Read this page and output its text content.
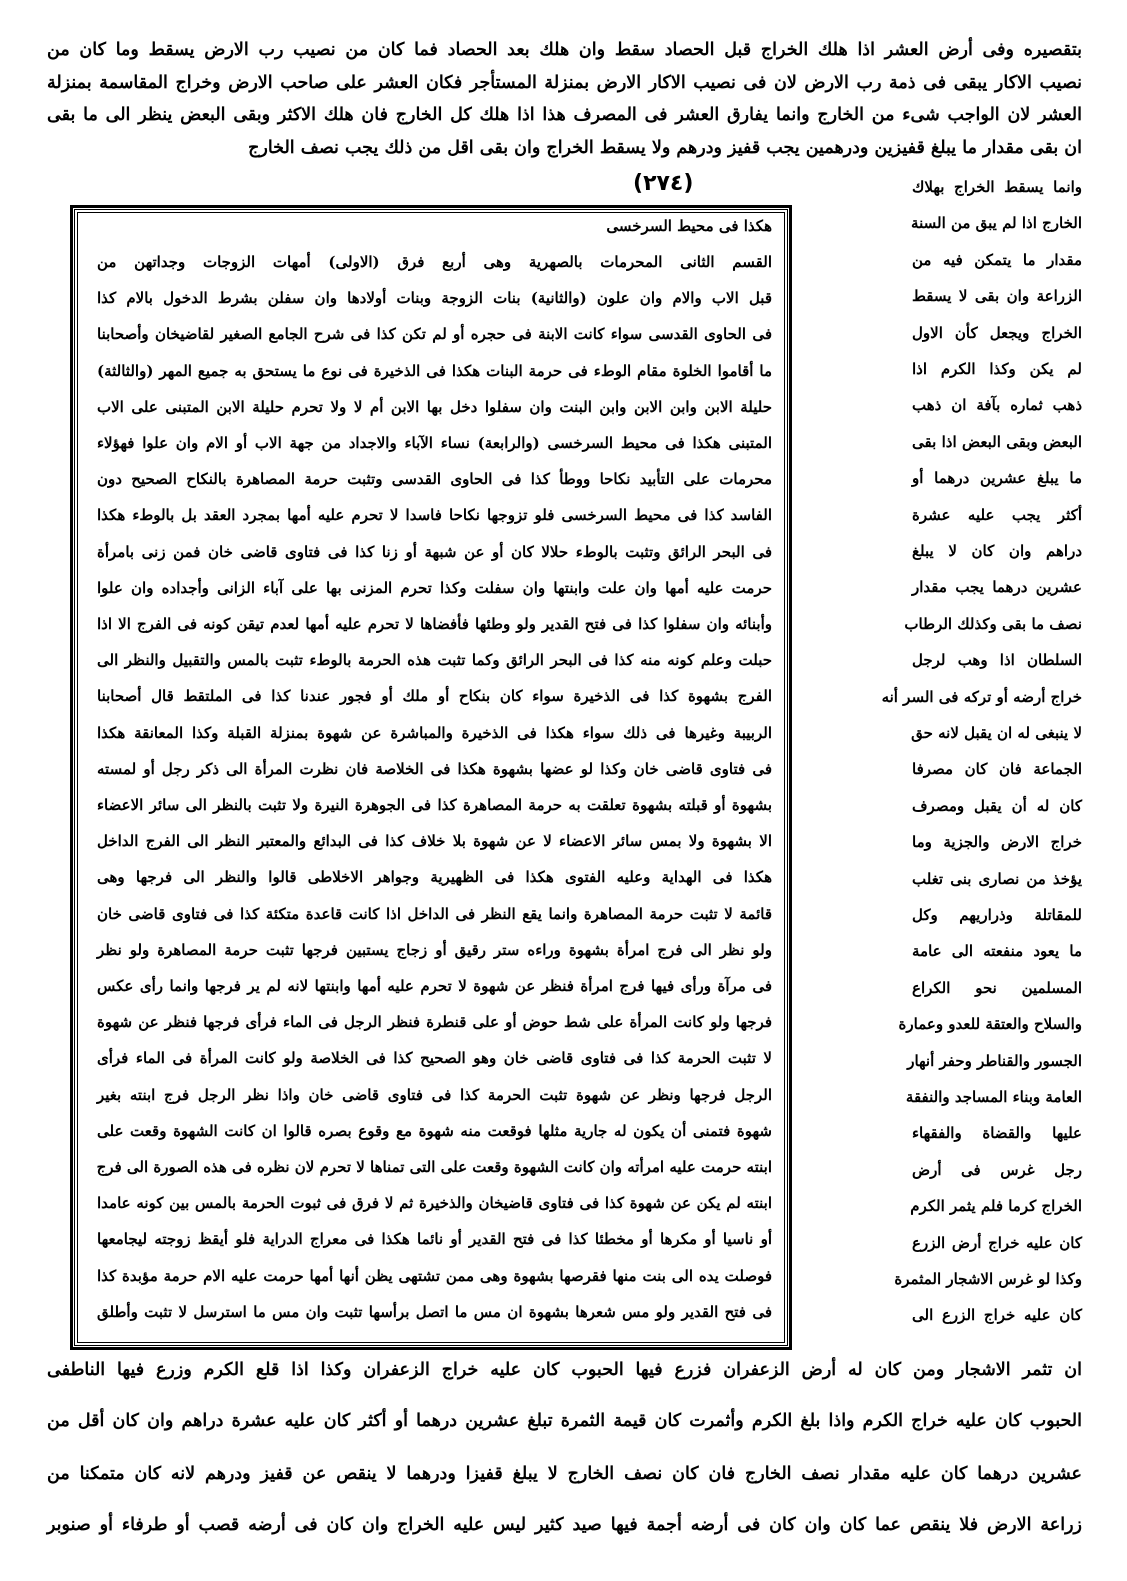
بتقصيره وفى أرض العشر اذا هلك الخراج قبل الحصاد سقط وان هلك بعد الحصاد فما كان من نصيب رب الارض يسقط وما كان من
نصيب الاكار يبقى فى ذمة رب الارض لان فى نصيب الاكار الارض بمنزلة المستأجر فكان العشر على صاحب الارض وخراج المقاسمة بمنزلة
العشر لان الواجب شىء من الخارج وانما يفارق العشر فى المصرف هذا اذا هلك كل الخارج فان هلك الاكثر وبقى البعض ينظر الى ما بقى
ان بقى مقدار ما يبلغ قفيزين ودرهمين يجب قفيز ودرهم ولا يسقط الخراج وان بقى اقل من ذلك يجب نصف الخارج
(٢٧٤)	وانما يسقط الخراج بهلاك
الخارج اذا لم يبق من السنة
مقدار ما يتمكن فيه من
الزراعة وان بقى لا يسقط
الخراج ويجعل كأن الاول
لم يكن وكذا الكرم اذا
ذهب ثماره بآفة ان ذهب
البعض وبقى البعض اذا بقى
ما يبلغ عشرين درهما أو
أكثر يجب عليه عشرة
دراهم وان كان لا يبلغ
عشرين درهما يجب مقدار
نصف ما بقى وكذلك الرطاب
السلطان اذا وهب لرجل
خراج أرضه أو تركه فى السر أنه
لا ينبغى له ان يقبل لانه حق
الجماعة فان كان مصرفا
كان له أن يقبل ومصرف
خراج الارض والجزية وما
يؤخذ من نصارى بنى تغلب
للمقاتلة وذراريهم وكل
ما يعود منفعته الى عامة
المسلمين نحو الكراع
والسلاح والعتقة للعدو وعمارة
الجسور والقناطر وحفر أنهار
العامة وبناء المساجد والنفقة
عليها والقضاة والفقهاء
رجل غرس فى أرض
الخراج كرما فلم يثمر الكرم
كان عليه خراج أرض الزرع
وكذا لو غرس الاشجار المثمرة
كان عليه خراج الزرع الى
هكذا فى محيط السرخسى
القسم الثانى المحرمات بالصهرية وهى أربع فرق (الاولى) أمهات الزوجات وجداتهن من
قبل الاب والام وان علون (والثانية) بنات الزوجة وبنات أولادها وان سفلن بشرط الدخول بالام كذا
فى الحاوى القدسى سواء كانت الابنة فى حجره أو لم تكن كذا فى شرح الجامع الصغير لقاضيخان وأصحابنا
ما أقاموا الخلوة مقام الوطء فى حرمة البنات هكذا فى الذخيرة فى نوع ما يستحق به جميع المهر (والثالثة)
حليلة الابن وابن الابن وابن البنت وان سفلوا دخل بها الابن أم لا ولا تحرم حليلة الابن المتبنى على الاب
المتبنى هكذا فى محيط السرخسى (والرابعة) نساء الآباء والاجداد من جهة الاب أو الام وان علوا فهؤلاء
محرمات على التأبيد نكاحا ووطأ كذا فى الحاوى القدسى وتثبت حرمة المصاهرة بالنكاح الصحيح دون
الفاسد كذا فى محيط السرخسى فلو تزوجها نكاحا فاسدا لا تحرم عليه أمها بمجرد العقد بل بالوطء هكذا
فى البحر الرائق وتثبت بالوطء حلالا كان أو عن شبهة أو زنا كذا فى فتاوى قاضى خان فمن زنى بامرأة
حرمت عليه أمها وان علت وابنتها وان سفلت وكذا تحرم المزنى بها على آباء الزانى وأجداده وان علوا
وأبنائه وان سفلوا كذا فى فتح القدير ولو وطئها فأفضاها لا تحرم عليه أمها لعدم تيقن كونه فى الفرج الا اذا
حبلت وعلم كونه منه كذا فى البحر الرائق وكما تثبت هذه الحرمة بالوطء تثبت بالمس والتقبيل والنظر الى
الفرج بشهوة كذا فى الذخيرة سواء كان بنكاح أو ملك أو فجور عندنا كذا فى الملتقط قال أصحابنا
الربيبة وغيرها فى ذلك سواء هكذا فى الذخيرة والمباشرة عن شهوة بمنزلة القبلة وكذا المعانقة هكذا
فى فتاوى قاضى خان وكذا لو عضها بشهوة هكذا فى الخلاصة فان نظرت المرأة الى ذكر رجل أو لمسته
بشهوة أو قبلته بشهوة تعلقت به حرمة المصاهرة كذا فى الجوهرة النيرة ولا تثبت بالنظر الى سائر الاعضاء
الا بشهوة ولا بمس سائر الاعضاء لا عن شهوة بلا خلاف كذا فى البدائع والمعتبر النظر الى الفرج الداخل
هكذا فى الهداية وعليه الفتوى هكذا فى الظهيرية وجواهر الاخلاطى قالوا والنظر الى فرجها وهى
قائمة لا تثبت حرمة المصاهرة وانما يقع النظر فى الداخل اذا كانت قاعدة متكئة كذا فى فتاوى قاضى خان
ولو نظر الى فرج امرأة بشهوة وراءه ستر رقيق أو زجاج يستبين فرجها تثبت حرمة المصاهرة ولو نظر
فى مرآة ورأى فيها فرج امرأة فنظر عن شهوة لا تحرم عليه أمها وابنتها لانه لم ير فرجها وانما رأى عكس
فرجها ولو كانت المرأة على شط حوض أو على قنطرة فنظر الرجل فى الماء فرأى فرجها فنظر عن شهوة
لا تثبت الحرمة كذا فى فتاوى قاضى خان وهو الصحيح كذا فى الخلاصة ولو كانت المرأة فى الماء فرأى
الرجل فرجها ونظر عن شهوة تثبت الحرمة كذا فى فتاوى قاضى خان واذا نظر الرجل فرج ابنته بغير
شهوة فتمنى أن يكون له جارية مثلها فوقعت منه شهوة مع وقوع بصره قالوا ان كانت الشهوة وقعت على
ابنته حرمت عليه امرأته وان كانت الشهوة وقعت على التى تمناها لا تحرم لان نظره فى هذه الصورة الى فرج
ابنته لم يكن عن شهوة كذا فى فتاوى قاضيخان والذخيرة ثم لا فرق فى ثبوت الحرمة بالمس بين كونه عامدا
أو ناسيا أو مكرها أو مخطئا كذا فى فتح القدير أو نائما هكذا فى معراج الدراية فلو أيقظ زوجته ليجامعها
فوصلت يده الى بنت منها فقرصها بشهوة وهى ممن تشتهى يظن أنها أمها حرمت عليه الام حرمة مؤبدة كذا
فى فتح القدير ولو مس شعرها بشهوة ان مس ما اتصل برأسها تثبت وان مس ما استرسل لا تثبت وأطلق
ان تثمر الاشجار ومن كان له أرض الزعفران فزرع فيها الحبوب كان عليه خراج الزعفران وكذا اذا قلع الكرم وزرع فيها الناطفى
الحبوب كان عليه خراج الكرم واذا بلغ الكرم وأثمرت كان قيمة الثمرة تبلغ عشرين درهما أو أكثر كان عليه عشرة دراهم وان كان أقل من
عشرين درهما كان عليه مقدار نصف الخارج فان كان نصف الخارج لا يبلغ قفيزا ودرهما لا ينقص عن قفيز ودرهم لانه كان متمكنا من
زراعة الارض فلا ينقص عما كان وان كان فى أرضه أجمة فيها صيد كثير ليس عليه الخراج وان كان فى أرضه قصب أو طرفاء أو صنوبر
